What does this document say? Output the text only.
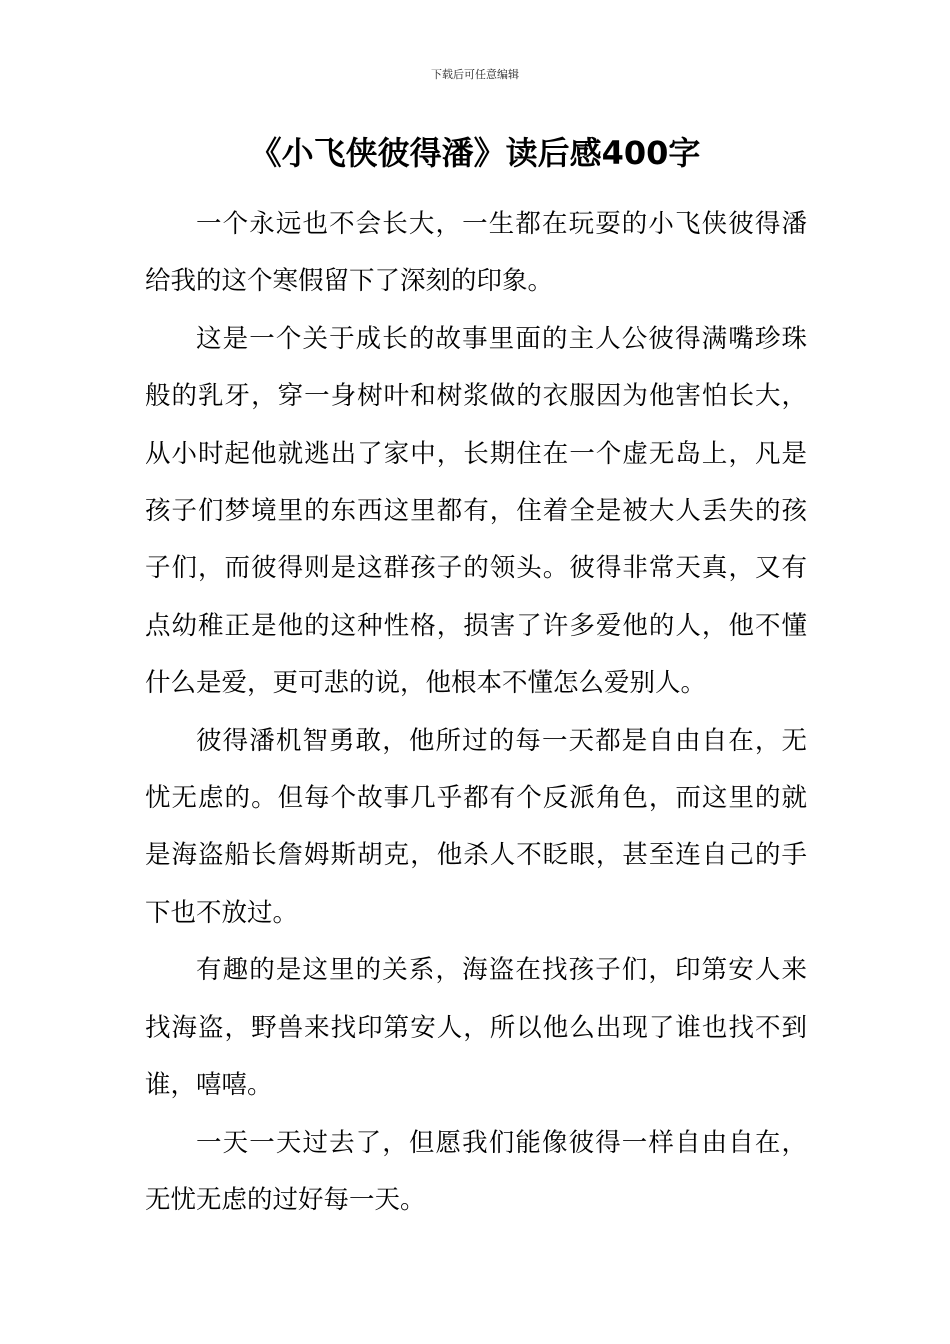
下载后可任意编辑
《小飞侠彼得潘》读后感400字

一个永远也不会长大，一生都在玩耍的小飞侠彼得潘给我的这个寒假留下了深刻的印象。

这是一个关于成长的故事里面的主人公彼得满嘴珍珠般的乳牙，穿一身树叶和树浆做的衣服因为他害怕长大，从小时起他就逃出了家中，长期住在一个虚无岛上，凡是孩子们梦境里的东西这里都有，住着全是被大人丢失的孩子们，而彼得则是这群孩子的领头。彼得非常天真，又有点幼稚正是他的这种性格，损害了许多爱他的人，他不懂什么是爱，更可悲的说，他根本不懂怎么爱别人。

彼得潘机智勇敢，他所过的每一天都是自由自在，无忧无虑的。但每个故事几乎都有个反派角色，而这里的就是海盗船长詹姆斯胡克，他杀人不眨眼，甚至连自己的手下也不放过。

有趣的是这里的关系，海盗在找孩子们，印第安人来找海盗，野兽来找印第安人，所以他么出现了谁也找不到谁，嘻嘻。

一天一天过去了，但愿我们能像彼得一样自由自在，无忧无虑的过好每一天。
